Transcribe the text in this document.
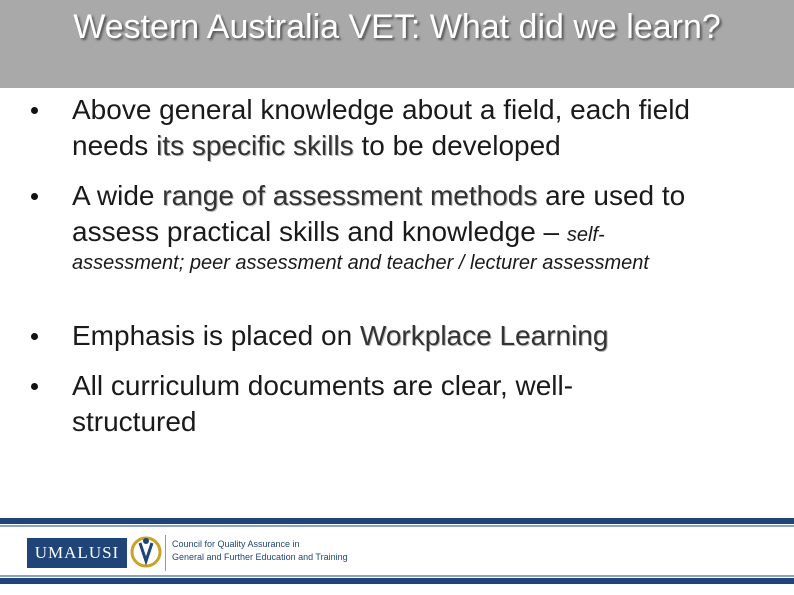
Western Australia VET: What did we learn?
Above general knowledge about a field, each field needs its specific skills to be developed
A wide range of assessment methods are used to assess practical skills and knowledge – self-
assessment; peer assessment and teacher / lecturer assessment
Emphasis is placed on Workplace Learning
All curriculum documents are clear, well-structured
UMALUSI	Council for Quality Assurance in
General and Further Education and Training
